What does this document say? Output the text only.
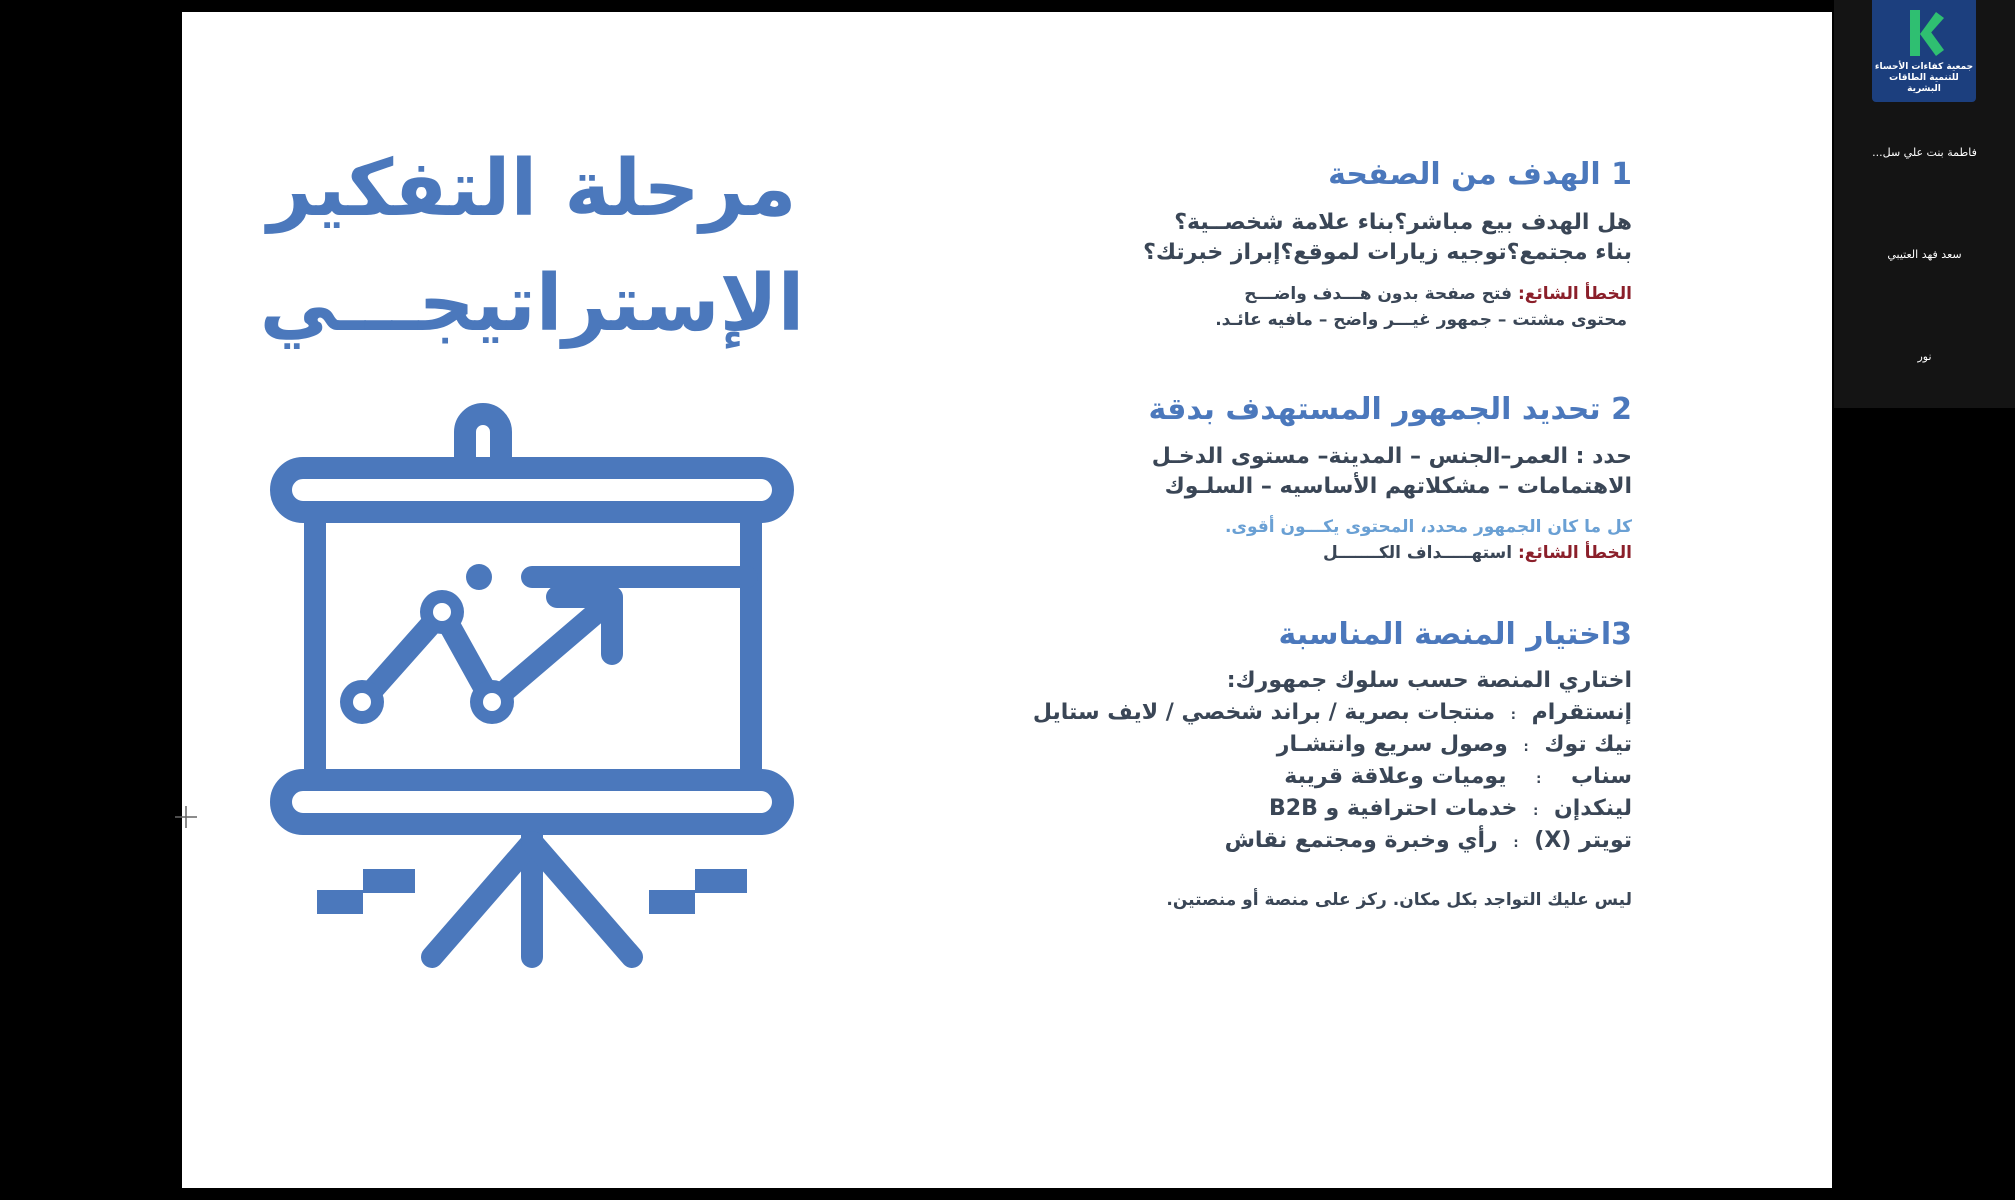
مرحلة التفكير
الإستراتيجـــي
1 الهدف من الصفحة
هل الهدف بيع مباشر؟بناء علامة شخصــية؟
بناء مجتمع؟توجيه زيارات لموقع؟إبراز خبرتك؟
الخطأ الشائع: فتح صفحة بدون هـــدف واضـــح
محتوى مشتت – جمهور غيـــر واضح – مافيه عائـد.
2 تحديد الجمهور المستهدف بدقة
حدد : العمر–الجنس – المدينة– مستوى الدخـل
الاهتمامات – مشكلاتهم الأساسيه – السلـوك
كل ما كان الجمهور محدد، المحتوى يكـــون أقوى.
الخطأ الشائع: استهـــــداف الكـــــــل
3اختيار المنصة المناسبة
اختاري المنصة حسب سلوك جمهورك:
إنستقرام : منتجات بصرية / براند شخصي / لايف ستايل
تيك توك : وصول سريع وانتشـار
سناب : يوميات وعلاقة قريبة
لينكدإن : خدمات احترافية و B2B
تويتر (X) : رأي وخبرة ومجتمع نقاش
ليس عليك التواجد بكل مكان. ركز على منصة أو منصتين.
جمعية كفاءات الأحساء للتنمية الطاقات البشرية
فاطمة بنت علي سل...
سعد فهد العتيبي
نور
